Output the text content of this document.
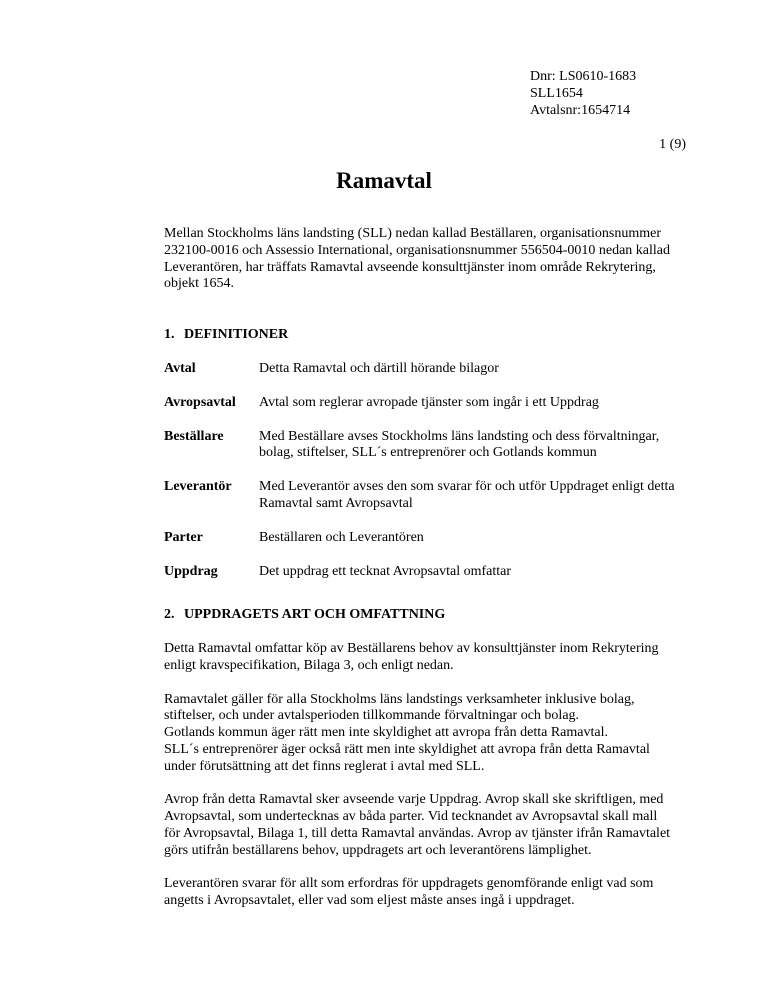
Dnr: LS0610-1683
SLL1654
Avtalsnr:1654714
1 (9)
Ramavtal

Mellan Stockholms läns landsting (SLL) nedan kallad Beställaren, organisationsnummer
232100-0016 och Assessio International, organisationsnummer 556504-0010 nedan kallad
Leverantören, har träffats Ramavtal avseende konsulttjänster inom område Rekrytering,
objekt 1654.

1. DEFINITIONER
Avtal	Detta Ramavtal och därtill hörande bilagor

Avropsavtal	Avtal som reglerar avropade tjänster som ingår i ett Uppdrag

Beställare	Med Beställare avses Stockholms läns landsting och dess förvaltningar,
bolag, stiftelser, SLL´s entreprenörer och Gotlands kommun

Leverantör	Med Leverantör avses den som svarar för och utför Uppdraget enligt detta
Ramavtal samt Avropsavtal

Parter	Beställaren och Leverantören

Uppdrag	Det uppdrag ett tecknat Avropsavtal omfattar
2. UPPDRAGETS ART OCH OMFATTNING

Detta Ramavtal omfattar köp av Beställarens behov av konsulttjänster inom Rekrytering
enligt kravspecifikation, Bilaga 3, och enligt nedan.

Ramavtalet gäller för alla Stockholms läns landstings verksamheter inklusive bolag,
stiftelser, och under avtalsperioden tillkommande förvaltningar och bolag.
Gotlands kommun äger rätt men inte skyldighet att avropa från detta Ramavtal.
SLL´s entreprenörer äger också rätt men inte skyldighet att avropa från detta Ramavtal
under förutsättning att det finns reglerat i avtal med SLL.

Avrop från detta Ramavtal sker avseende varje Uppdrag. Avrop skall ske skriftligen, med
Avropsavtal, som undertecknas av båda parter. Vid tecknandet av Avropsavtal skall mall
för Avropsavtal, Bilaga 1, till detta Ramavtal användas. Avrop av tjänster ifrån Ramavtalet
görs utifrån beställarens behov, uppdragets art och leverantörens lämplighet.

Leverantören svarar för allt som erfordras för uppdragets genomförande enligt vad som
angetts i Avropsavtalet, eller vad som eljest måste anses ingå i uppdraget.
